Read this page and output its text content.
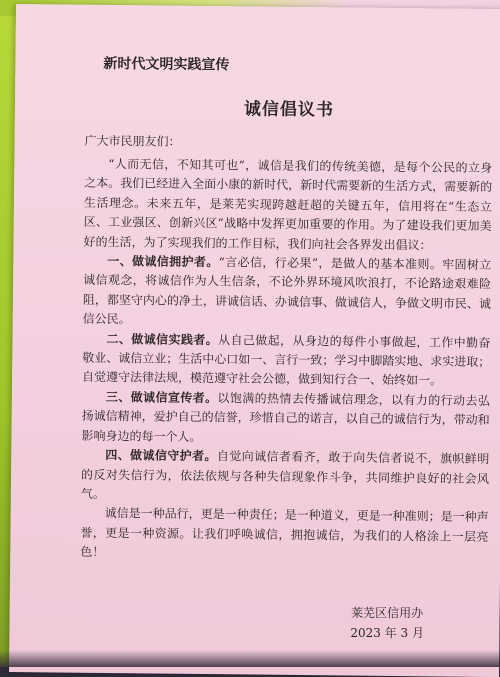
新时代文明实践宣传
诚信倡议书
广大市民朋友们：

“人而无信，不知其可也”，诚信是我们的传统美德，是每个公民的立身之本。我们已经进入全面小康的新时代，新时代需要新的生活方式，需要新的生活理念。未来五年，是莱芜实现跨越赶超的关键五年，信用将在“生态立区、工业强区、创新兴区”战略中发挥更加重要的作用。为了建设我们更加美好的生活，为了实现我们的工作目标，我们向社会各界发出倡议：

一、做诚信拥护者。“言必信，行必果”，是做人的基本准则。牢固树立诚信观念，将诚信作为人生信条，不论外界环境风吹浪打，不论路途艰难险阻，都坚守内心的净土，讲诚信话、办诚信事、做诚信人，争做文明市民、诚信公民。

二、做诚信实践者。从自己做起，从身边的每件小事做起，工作中勤奋敬业、诚信立业；生活中心口如一、言行一致；学习中脚踏实地、求实进取；自觉遵守法律法规，模范遵守社会公德，做到知行合一、始终如一。

三、做诚信宣传者。以饱满的热情去传播诚信理念，以有力的行动去弘扬诚信精神，爱护自己的信誉，珍惜自己的诺言，以自己的诚信行为，带动和影响身边的每一个人。

四、做诚信守护者。自觉向诚信者看齐，敢于向失信者说不，旗帜鲜明的反对失信行为，依法依规与各种失信现象作斗争，共同维护良好的社会风气。

诚信是一种品行，更是一种责任；是一种道义，更是一种准则；是一种声誉，更是一种资源。让我们呼唤诚信，拥抱诚信，为我们的人格涂上一层亮色！

莱芜区信用办
2023 年 3 月
